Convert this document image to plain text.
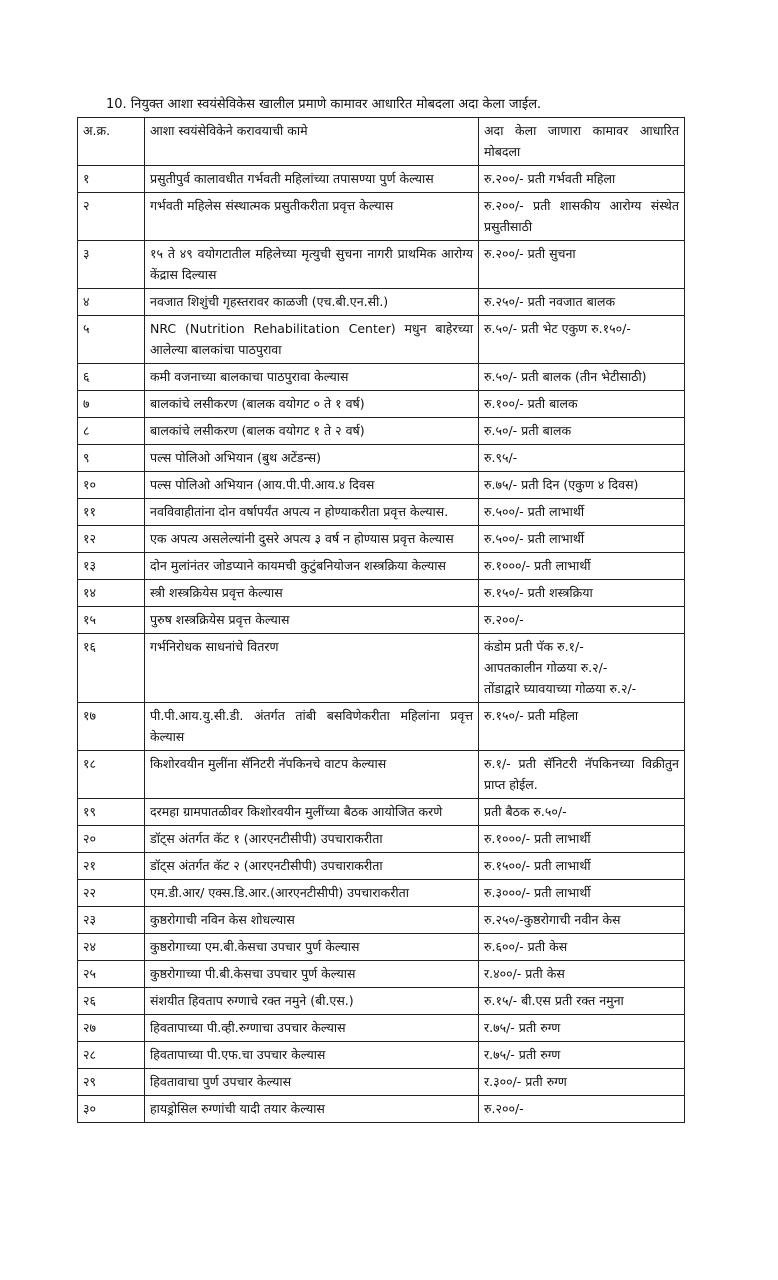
10. नियुक्त आशा स्वयंसेविकेस खालील प्रमाणे कामावर आधारित मोबदला अदा केला जाईल.
अ.क्र.	आशा स्वयंसेविकेने करावयाची कामे	अदा केला जाणारा कामावर आधारित मोबदला
१	प्रसुतीपुर्व कालावधीत गर्भवती महिलांच्या तपासण्या पुर्ण केल्यास	रु.२००/- प्रती गर्भवती महिला
२	गर्भवती महिलेस संस्थात्मक प्रसुतीकरीता प्रवृत्त केल्यास	रु.२००/- प्रती शासकीय आरोग्य संस्थेत प्रसुतीसाठी
३	१५ ते ४९ वयोगटातील महिलेच्या मृत्युची सुचना नागरी प्राथमिक आरोग्य केंद्रास दिल्यास	रु.२००/- प्रती सुचना
४	नवजात शिशुंची गृहस्तरावर काळजी (एच.बी.एन.सी.)	रु.२५०/- प्रती नवजात बालक
५	NRC (Nutrition Rehabilitation Center) मधुन बाहेरच्या आलेल्या बालकांचा पाठपुरावा	रु.५०/- प्रती भेट एकुण रु.१५०/-
६	कमी वजनाच्या बालकाचा पाठपुरावा केल्यास	रु.५०/- प्रती बालक (तीन भेटीसाठी)
७	बालकांचे लसीकरण (बालक वयोगट ० ते १ वर्ष)	रु.१००/- प्रती बालक
८	बालकांचे लसीकरण (बालक वयोगट १ ते २ वर्ष)	रु.५०/- प्रती बालक
९	पल्स पोलिओ अभियान (बुथ अटेंडन्स)	रु.९५/-
१०	पल्स पोलिओ अभियान (आय.पी.पी.आय.४ दिवस	रु.७५/- प्रती दिन (एकुण ४ दिवस)
११	नवविवाहीतांना दोन वर्षापर्यंत अपत्य न होण्याकरीता प्रवृत्त केल्यास.	रु.५००/- प्रती लाभार्थी
१२	एक अपत्य असलेल्यांनी दुसरे अपत्य ३ वर्ष न होण्यास प्रवृत्त केल्यास	रु.५००/- प्रती लाभार्थी
१३	दोन मुलांनंतर जोडप्याने कायमची कुटुंबनियोजन शस्त्रक्रिया केल्यास	रु.१०००/- प्रती लाभार्थी
१४	स्त्री शस्त्रक्रियेस प्रवृत्त केल्यास	रु.१५०/- प्रती शस्त्रक्रिया
१५	पुरुष शस्त्रक्रियेस प्रवृत्त केल्यास	रु.२००/-
१६	गर्भनिरोधक साधनांचे वितरण	कंडोम प्रती पॅक रु.१/-
आपतकालीन गोळया रु.२/-
तोंडाद्वारे घ्यावयाच्या गोळया रु.२/-

१७	पी.पी.आय.यु.सी.डी. अंतर्गत तांबी बसविणेकरीता महिलांना प्रवृत्त केल्यास	रु.१५०/- प्रती महिला
१८	किशोरवयीन मुलींना सॅनिटरी नॅपकिनचे वाटप केल्यास	रु.१/- प्रती सॅनिटरी नॅपकिनच्या विक्रीतुन प्राप्त होईल.
१९	दरमहा ग्रामपातळीवर किशोरवयीन मुलींच्या बैठक आयोजित करणे	प्रती बैठक रु.५०/-
२०	डॉट्स अंतर्गत कॅट १ (आरएनटीसीपी) उपचाराकरीता	रु.१०००/- प्रती लाभार्थी
२१	डॉट्स अंतर्गत कॅट २ (आरएनटीसीपी) उपचाराकरीता	रु.१५००/- प्रती लाभार्थी
२२	एम.डी.आर/ एक्स.डि.आर.(आरएनटीसीपी) उपचाराकरीता	रु.३०००/- प्रती लाभार्थी
२३	कुष्ठरोगाची नविन केस शोधल्यास	रु.२५०/-कुष्ठरोगाची नवीन केस
२४	कुष्ठरोगाच्या एम.बी.केसचा उपचार पुर्ण केल्यास	रु.६००/- प्रती केस
२५	कुष्ठरोगाच्या पी.बी.केसचा उपचार पुर्ण केल्यास	र.४००/- प्रती केस
२६	संशयीत हिवताप रुग्णाचे रक्त नमुने (बी.एस.)	रु.१५/- बी.एस प्रती रक्त नमुना
२७	हिवतापाच्या पी.व्ही.रुग्णाचा उपचार केल्यास	र.७५/- प्रती रुग्ण
२८	हिवतापाच्या पी.एफ.चा उपचार केल्यास	र.७५/- प्रती रुग्ण
२९	हिवतावाचा पुर्ण उपचार केल्यास	र.३००/- प्रती रुग्ण
३०	हायड्रोसिल रुग्णांची यादी तयार केल्यास	रु.२००/-
